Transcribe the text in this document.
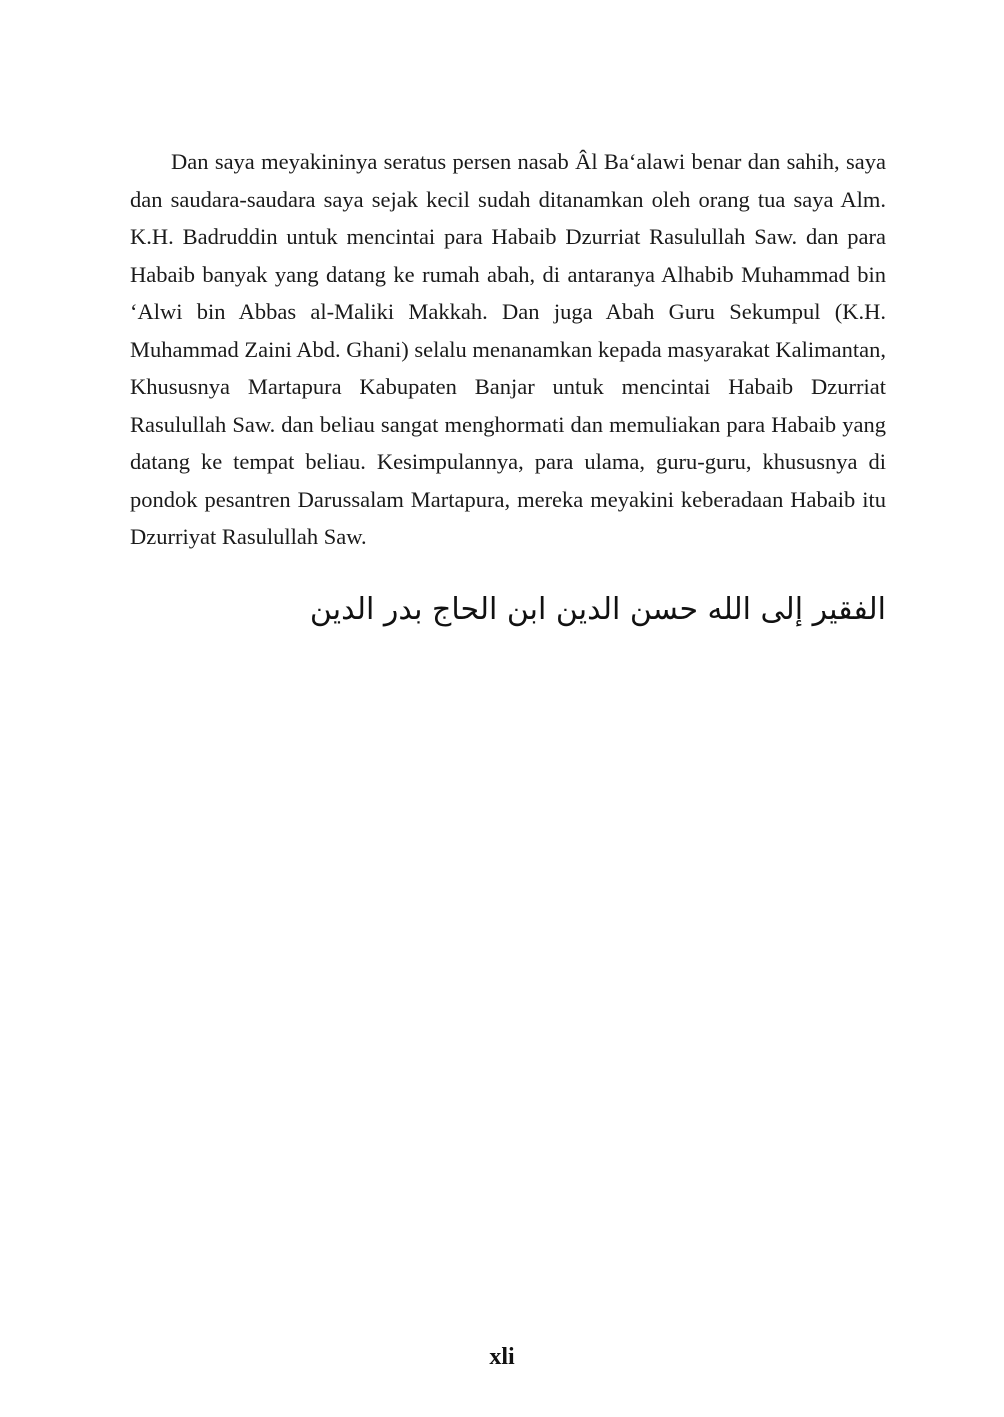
Dan saya meyakininya seratus persen nasab Âl Ba‘alawi benar dan sahih, saya dan saudara-saudara saya sejak kecil sudah ditanamkan oleh orang tua saya Alm. K.H. Badruddin untuk mencintai para Habaib Dzurriat Rasulullah Saw. dan para Habaib banyak yang datang ke rumah abah, di antaranya Alhabib Muhammad bin ‘Alwi bin Abbas al-Maliki Makkah. Dan juga Abah Guru Sekumpul (K.H. Muhammad Zaini Abd. Ghani) selalu menanamkan kepada masyarakat Kalimantan, Khususnya Martapura Kabupaten Banjar untuk mencintai Habaib Dzurriat Rasulullah Saw. dan beliau sangat menghormati dan memuliakan para Habaib yang datang ke tempat beliau. Kesimpulannya, para ulama, guru-guru, khususnya di pondok pesantren Darussalam Martapura, mereka meyakini keberadaan Habaib itu Dzurriyat Rasulullah Saw.

الفقير إلى الله حسن الدين ابن الحاج بدر الدين

xli
